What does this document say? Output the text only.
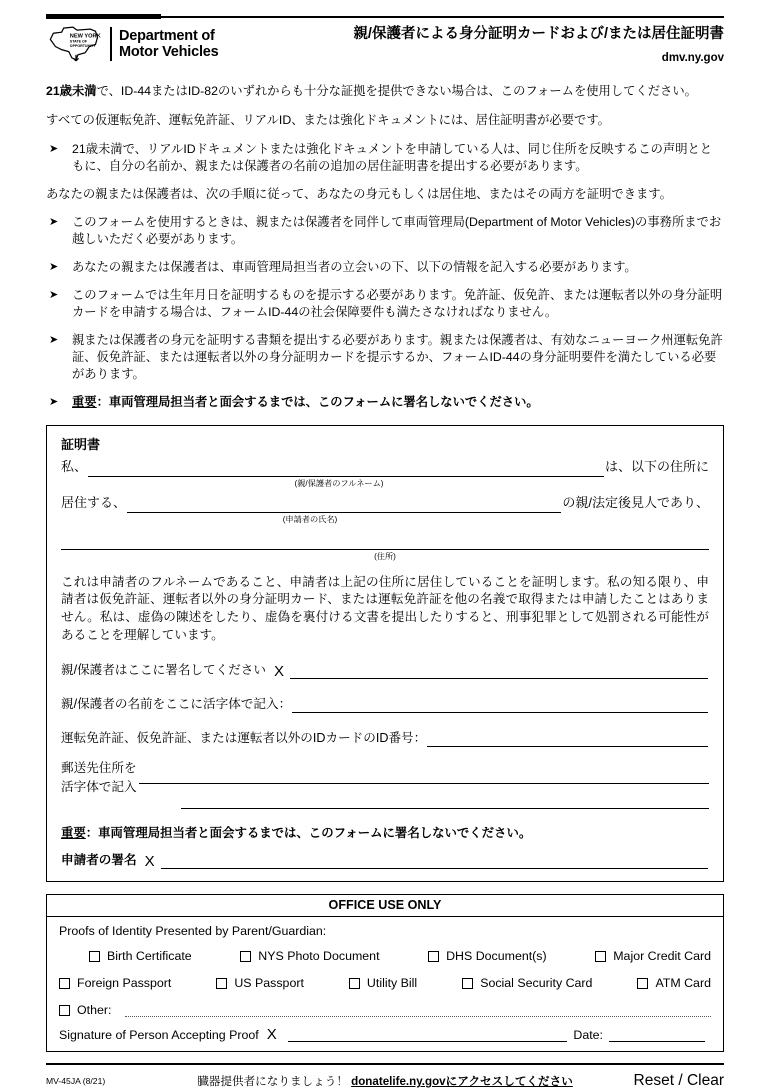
NEW YORK
STATE OF
OPPORTUNITY
Department of
Motor Vehicles
親/保護者による身分証明カードおよび/または居住証明書
dmv.ny.gov

21歳未満で、ID-44またはID-82のいずれからも十分な証拠を提供できない場合は、このフォームを使用してください。

すべての仮運転免許、運転免許証、リアルID、または強化ドキュメントには、居住証明書が必要です。

➤ 21歳未満で、リアルIDドキュメントまたは強化ドキュメントを申請している人は、同じ住所を反映するこの声明とともに、自分の名前か、親または保護者の名前の追加の居住証明書を提出する必要があります。

あなたの親または保護者は、次の手順に従って、あなたの身元もしくは居住地、またはその両方を証明できます。

➤ このフォームを使用するときは、親または保護者を同伴して車両管理局(Department of Motor Vehicles)の事務所までお越しいただく必要があります。
➤ あなたの親または保護者は、車両管理局担当者の立会いの下、以下の情報を記入する必要があります。
➤ このフォームでは生年月日を証明するものを提示する必要があります。免許証、仮免許、または運転者以外の身分証明カードを申請する場合は、フォームID-44の社会保障要件も満たさなければなりません。
➤ 親または保護者の身元を証明する書類を提出する必要があります。親または保護者は、有効なニューヨーク州運転免許証、仮免許証、または運転者以外の身分証明カードを提示するか、フォームID-44の身分証明要件を満たしている必要があります。
➤ 重要：車両管理局担当者と面会するまでは、このフォームに署名しないでください。
証明書
私、	は、以下の住所に
(親/保護者のフルネーム)
居住する、	の親/法定後見人であり、
(申請者の氏名)
(住所)
これは申請者のフルネームであること、申請者は上記の住所に居住していることを証明します。私の知る限り、申請者は仮免許証、運転者以外の身分証明カード、または運転免許証を他の名義で取得または申請したことはありません。私は、虚偽の陳述をしたり、虚偽を裏付ける文書を提出したりすると、刑事犯罪として処罰される可能性があることを理解しています。
親/保護者はここに署名してください X
親/保護者の名前をここに活字体で記入：
運転免許証、仮免許証、または運転者以外のIDカードのID番号：
郵送先住所を
活字体で記入
重要：車両管理局担当者と面会するまでは、このフォームに署名しないでください。
申請者の署名 X
OFFICE USE ONLY
Proofs of Identity Presented by Parent/Guardian:
Birth Certificate	NYS Photo Document	DHS Document(s)	Major Credit Card
Foreign Passport	US Passport	Utility Bill	Social Security Card	ATM Card
Other:
Signature of Person Accepting Proof X	Date:
MV-45JA (8/21)	臓器提供者になりましょう！ donatelife.ny.govにアクセスしてください	Reset / Clear
